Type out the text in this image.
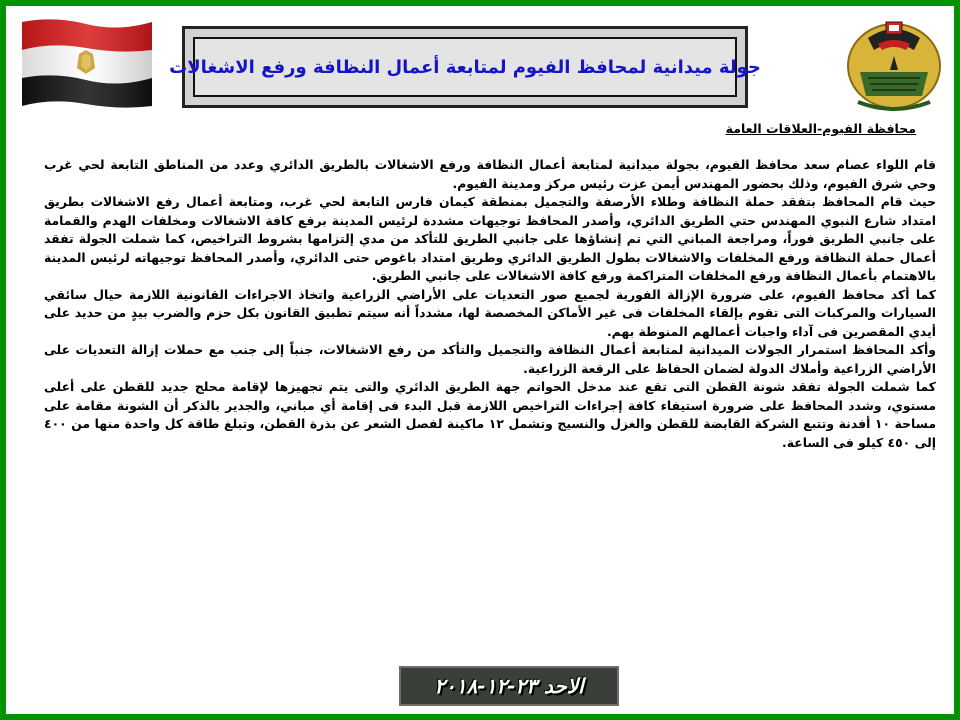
جولة ميدانية لمحافظ الفيوم لمتابعة أعمال النظافة ورفع الاشغالات
محافظة الفيوم-العلاقات العامة

قام اللواء عصام سعد محافظ الفيوم، بجولة ميدانية لمتابعة أعمال النظافة ورفع الاشغالات بالطريق الدائري وعدد من المناطق التابعة لحي غرب وحي شرق الفيوم، وذلك بحضور المهندس أيمن عزت رئيس مركز ومدينة الفيوم.

حيث قام المحافظ بتفقد حملة النظافة وطلاء الأرصفة والتجميل بمنطقة كيمان فارس التابعة لحي غرب، ومتابعة أعمال رفع الاشغالات بطريق امتداد شارع النبوي المهندس حتي الطريق الدائري، وأصدر المحافظ توجيهات مشددة لرئيس المدينة برفع كافة الاشغالات ومخلفات الهدم والقمامة على جانبي الطريق فوراً، ومراجعة المباني التي تم إنشاؤها على جانبي الطريق للتأكد من مدي إلتزامها بشروط التراخيص، كما شملت الجولة تفقد أعمال حملة النظافة ورفع المخلفات والاشغالات بطول الطريق الدائري وطريق امتداد باغوص حتى الدائري، وأصدر المحافظ توجيهاته لرئيس المدينة بالاهتمام بأعمال النظافة ورفع المخلفات المتراكمة ورفع كافة الاشغالات على جانبي الطريق.

كما أكد محافظ الفيوم، على ضرورة الإزالة الفورية لجميع صور التعديات على الأراضي الزراعية واتخاذ الاجراءات القانونية اللازمة حيال سائقي السيارات والمركبات التى تقوم بإلقاء المخلفات فى غير الأماكن المخصصة لها، مشدداً أنه سيتم تطبيق القانون بكل حزم والضرب بيدٍ من حديد على أيدي المقصرين فى آداء واجبات أعمالهم المنوطة بهم.

وأكد المحافظ استمرار الجولات الميدانية لمتابعة أعمال النظافة والتجميل والتأكد من رفع الاشغالات، جنباً إلى جنب مع حملات إزالة التعديات على الأراضي الزراعية وأملاك الدولة لضمان الحفاظ على الرقعة الزراعية.

كما شملت الجولة تفقد شونة القطن التى تقع عند مدخل الحواتم جهة الطريق الدائري والتى يتم تجهيزها لإقامة محلج جديد للقطن على أعلى مستوي، وشدد المحافظ على ضرورة استيفاء كافة إجراءات التراخيص اللازمة قبل البدء فى إقامة أي مباني، والجدير بالذكر أن الشونة مقامة على مساحة ١٠ أفدنة وتتبع الشركة القابضة للقطن والغزل والنسيج وتشمل ١٢ ماكينة لفصل الشعر عن بذرة القطن، وتبلغ طاقة كل واحدة منها من ٤٠٠ إلى ٤٥٠ كيلو فى الساعة.

الاحد ٢٣-١٢-٢٠١٨
